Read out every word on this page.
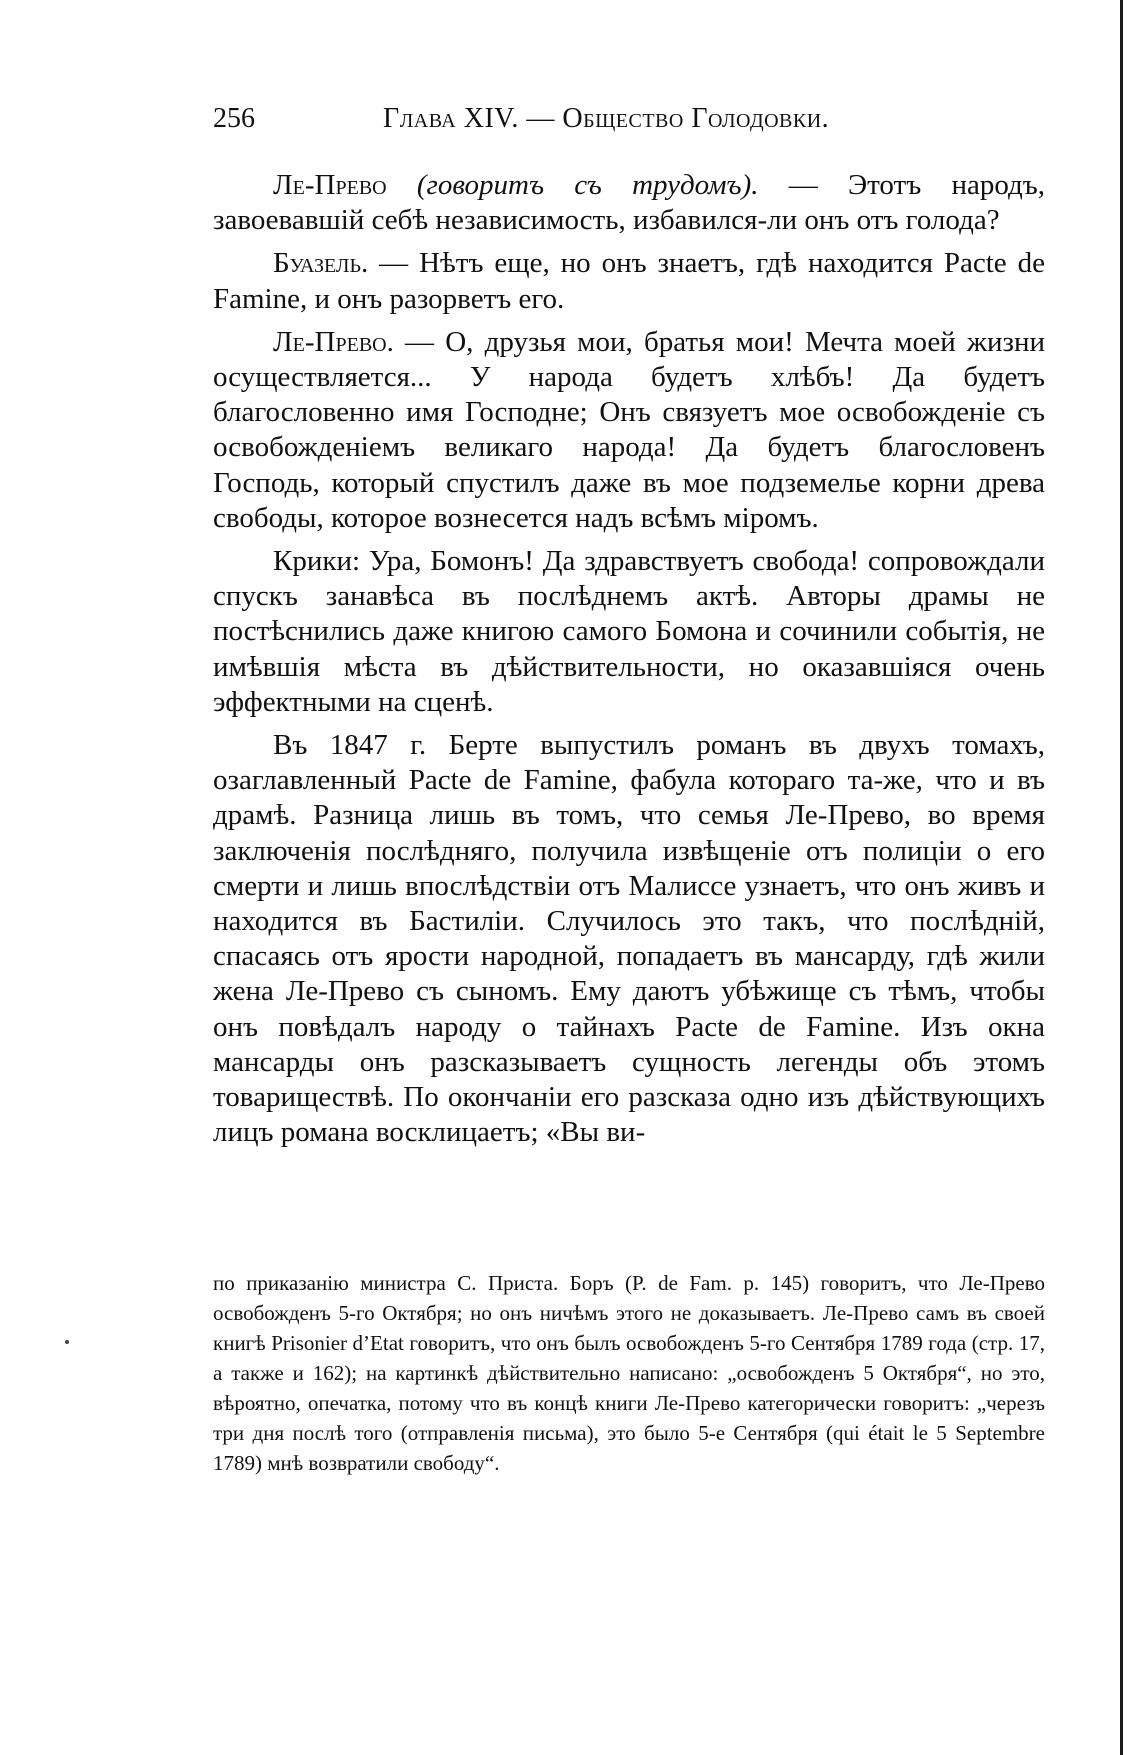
256	Глава XIV. — Общество Голодовки.

Ле-Прево (говоритъ съ трудомъ). — Этотъ народъ, завоевавшій себѣ независимость, избавился-ли онъ отъ голода?

Буазель. — Нѣтъ еще, но онъ знаетъ, гдѣ находится Pacte de Famine, и онъ разорветъ его.

Ле-Прево. — О, друзья мои, братья мои! Мечта моей жизни осуществляется... У народа будетъ хлѣбъ! Да будетъ благословенно имя Господне; Онъ связуетъ мое освобожденіе съ освобожденіемъ великаго народа! Да будетъ благословенъ Господь, который спустилъ даже въ мое подземелье корни древа свободы, которое вознесется надъ всѣмъ міромъ.

Крики: Ура, Бомонъ! Да здравствуетъ свобода! сопровождали спускъ занавѣса въ послѣднемъ актѣ. Авторы драмы не постѣснились даже книгою самого Бомона и сочинили событія, не имѣвшія мѣста въ дѣйствительности, но оказавшіяся очень эффектными на сценѣ.

Въ 1847 г. Берте выпустилъ романъ въ двухъ томахъ, озаглавленный Pacte de Famine, фабула котораго та-же, что и въ драмѣ. Разница лишь въ томъ, что семья Ле-Прево, во время заключенія послѣдняго, получила извѣщеніе отъ полиціи о его смерти и лишь впослѣдствіи отъ Малиссе узнаетъ, что онъ живъ и находится въ Бастиліи. Случилось это такъ, что послѣдній, спасаясь отъ ярости народной, попадаетъ въ мансарду, гдѣ жили жена Ле-Прево съ сыномъ. Ему даютъ убѣжище съ тѣмъ, чтобы онъ повѣдалъ народу о тайнахъ Pacte de Famine. Изъ окна мансарды онъ разсказываетъ сущность легенды объ этомъ товариществѣ. По окончаніи его разсказа одно изъ дѣйствующихъ лицъ романа восклицаетъ; «Вы ви-

по приказанію министра С. Приста. Боръ (P. de Fam. p. 145) говоритъ, что Ле-Прево освобожденъ 5-го Октября; но онъ ничѣмъ этого не доказываетъ. Ле-Прево самъ въ своей книгѣ Prisonier d’Etat говоритъ, что онъ былъ освобожденъ 5-го Сентября 1789 года (стр. 17, а также и 162); на картинкѣ дѣйствительно написано: „освобожденъ 5 Октября“, но это, вѣроятно, опечатка, потому что въ концѣ книги Ле-Прево категорически говоритъ: „черезъ три дня послѣ того (отправленія письма), это было 5-е Сентября (qui était le 5 Septembre 1789) мнѣ возвратили свободу“.
